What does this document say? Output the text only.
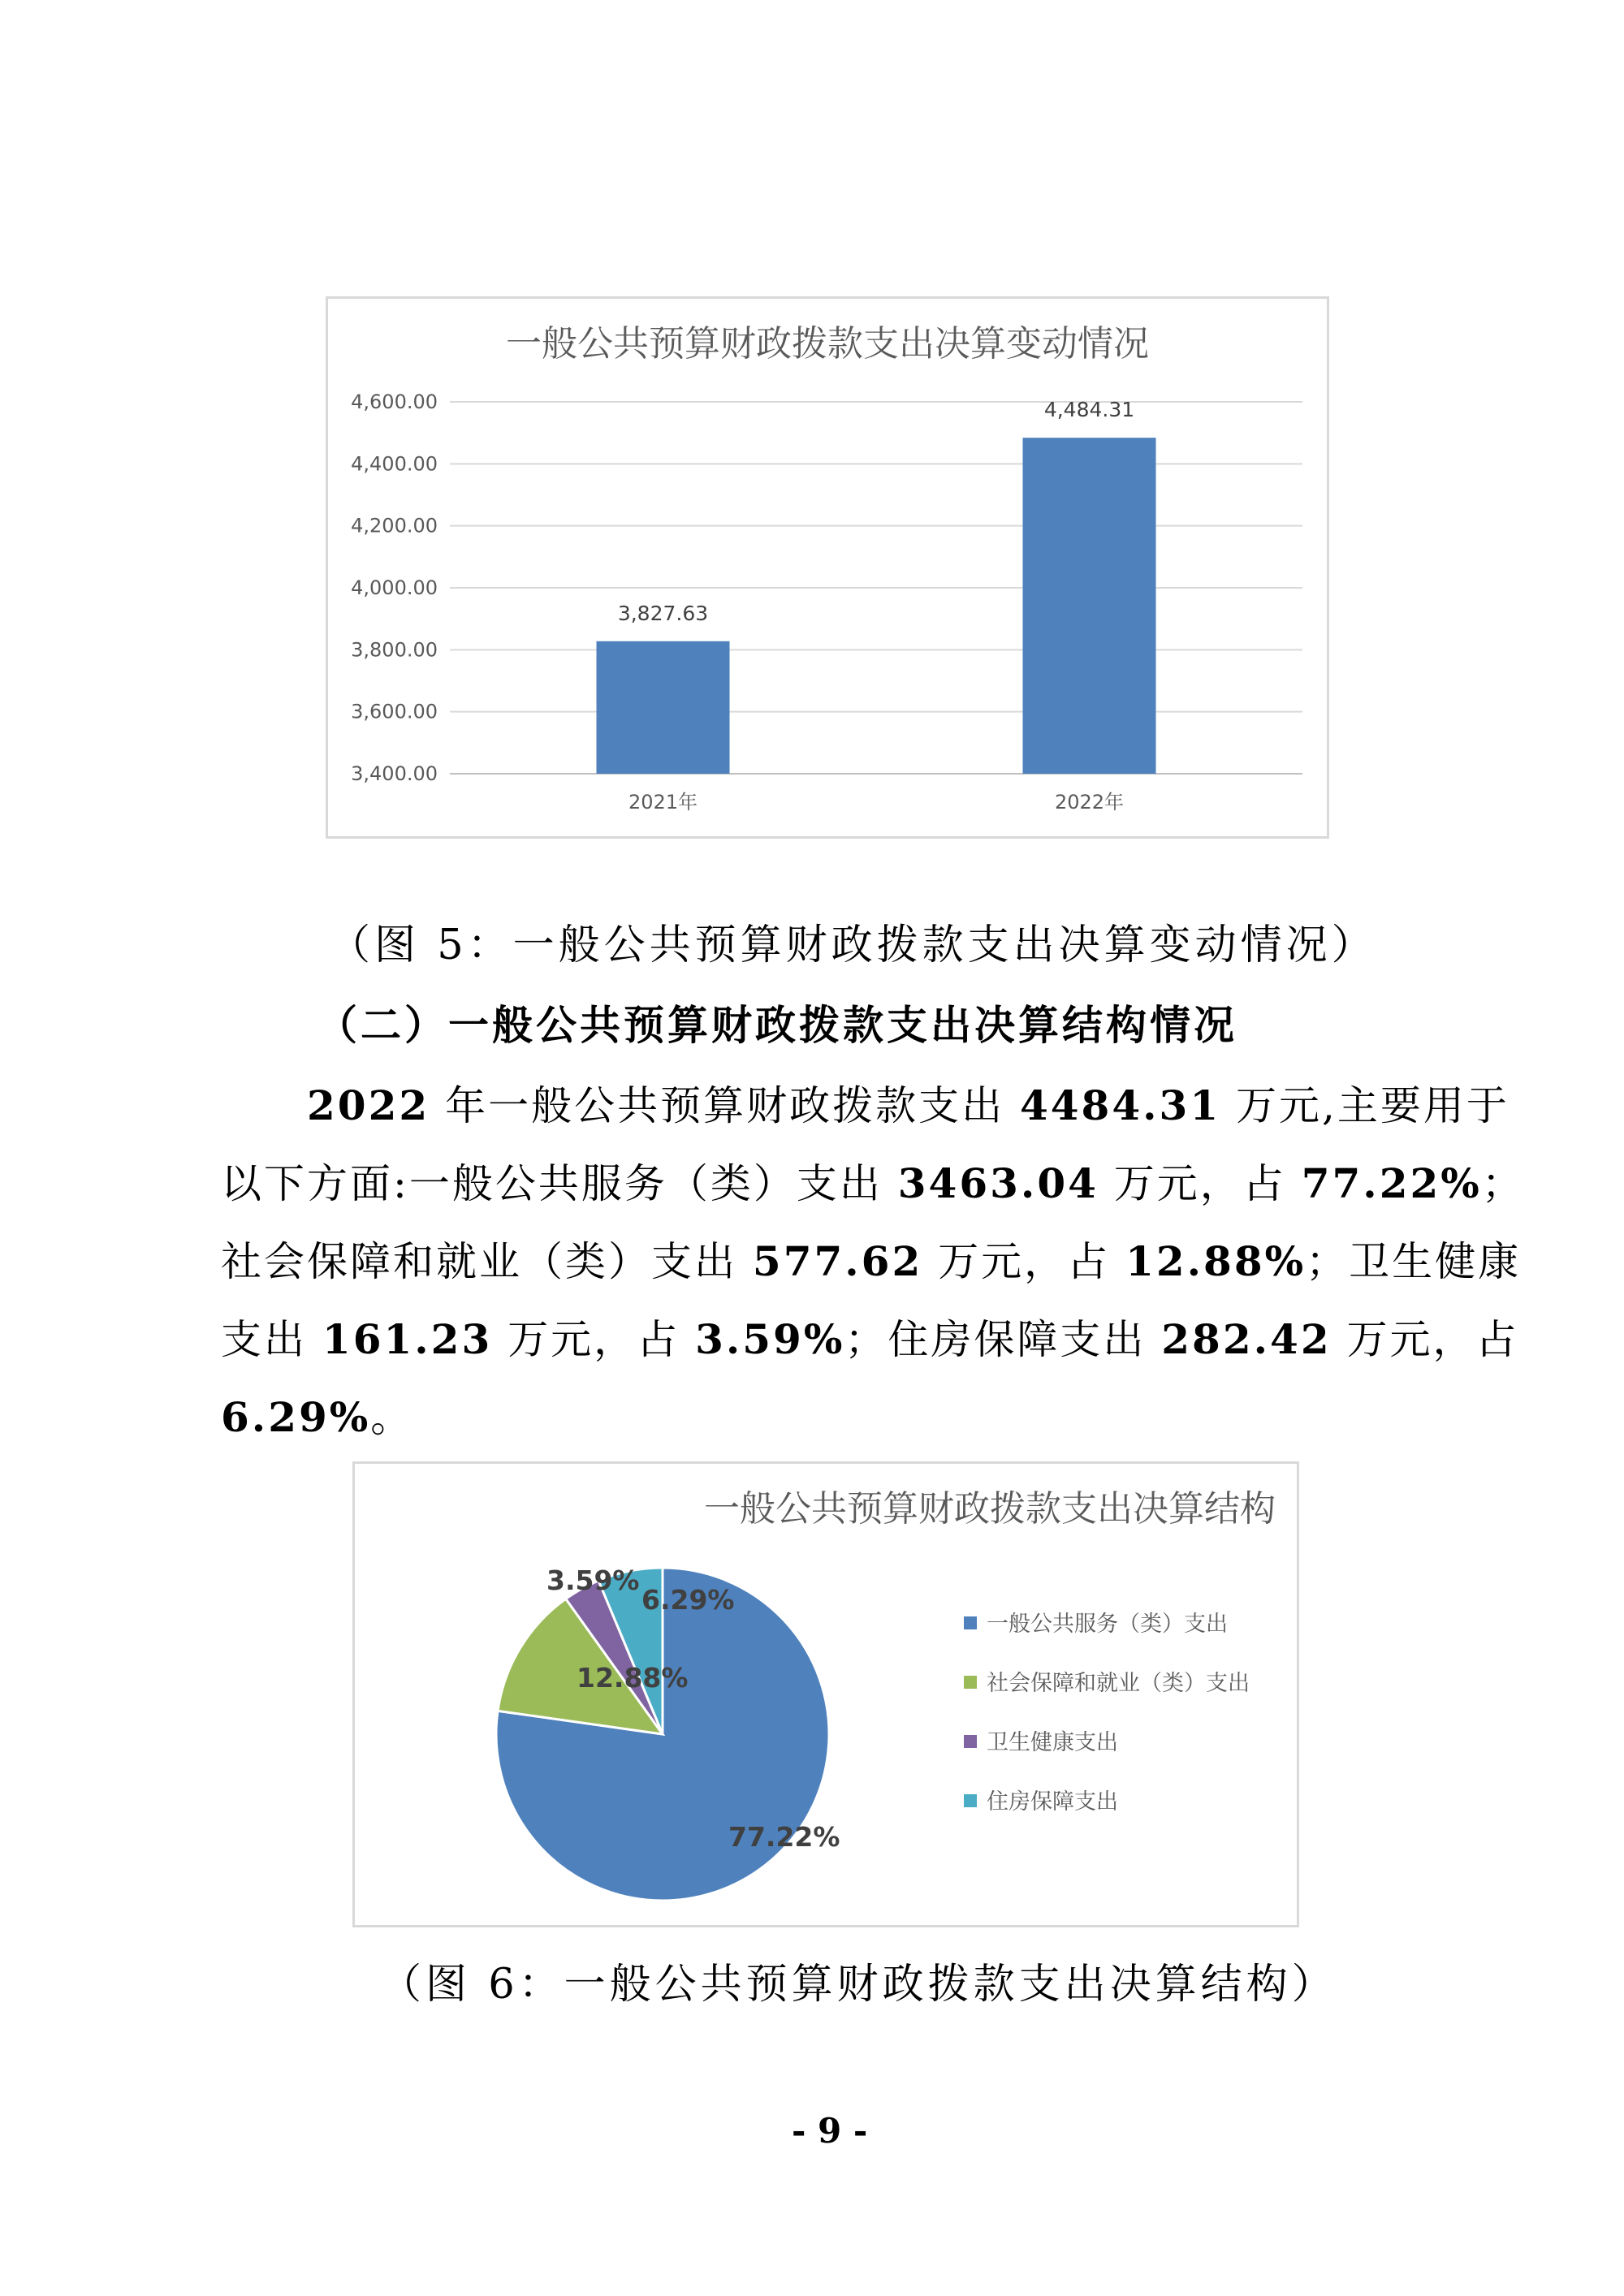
一般公共预算财政拨款支出决算变动情况
3,400.00
3,600.00
3,800.00
4,000.00
4,200.00
4,400.00
4,600.00
3,827.63
2021年
4,484.31
2022年
（图 5：一般公共预算财政拨款支出决算变动情况）
（二）一般公共预算财政拨款支出决算结构情况
2022 年一般公共预算财政拨款支出 4484.31 万元,主要用于
以下方面:一般公共服务（类）支出 3463.04 万元，占 77.22%；
社会保障和就业（类）支出 577.62 万元，占 12.88%；卫生健康
支出 161.23 万元，占 3.59%；住房保障支出 282.42 万元，占
6.29%。
一般公共预算财政拨款支出决算结构
77.22%
12.88%
3.59%
6.29%
一般公共服务（类）支出
社会保障和就业（类）支出
卫生健康支出
住房保障支出
（图 6：一般公共预算财政拨款支出决算结构）
- 9 -
